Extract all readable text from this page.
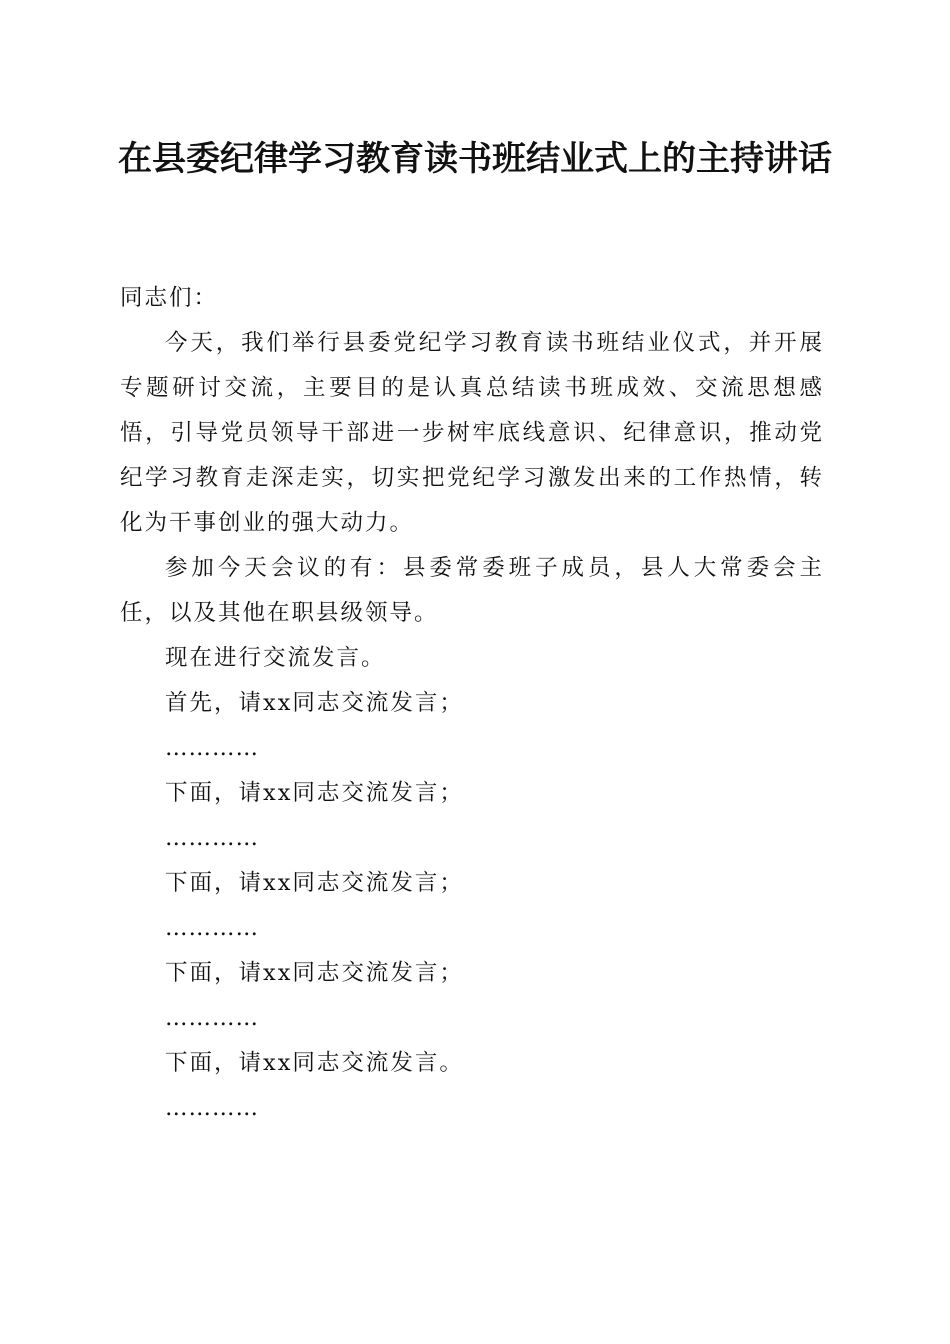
在县委纪律学习教育读书班结业式上的主持讲话

同志们：

今天，我们举行县委党纪学习教育读书班结业仪式，并开展专题研讨交流，主要目的是认真总结读书班成效、交流思想感悟，引导党员领导干部进一步树牢底线意识、纪律意识，推动党纪学习教育走深走实，切实把党纪学习激发出来的工作热情，转化为干事创业的强大动力。

参加今天会议的有：县委常委班子成员，县人大常委会主任，以及其他在职县级领导。

现在进行交流发言。

首先，请xx同志交流发言；

…………

下面，请xx同志交流发言；

…………

下面，请xx同志交流发言；

…………

下面，请xx同志交流发言；

…………

下面，请xx同志交流发言。

…………
